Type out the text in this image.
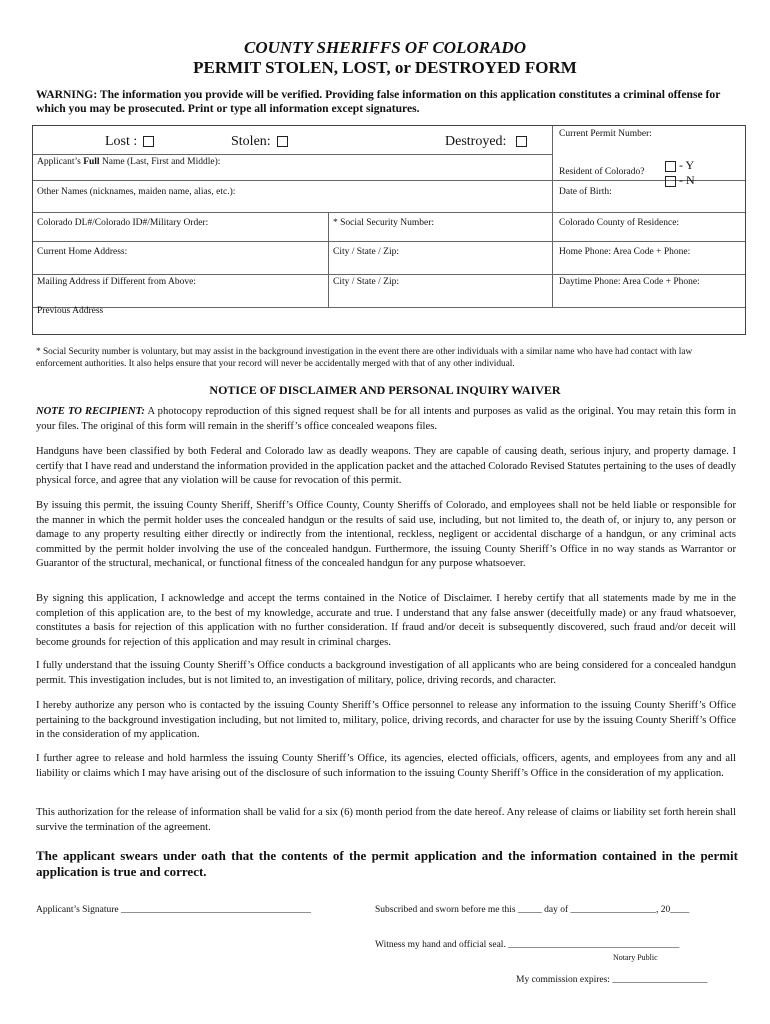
COUNTY SHERIFFS OF COLORADO
PERMIT STOLEN, LOST, or DESTROYED FORM
WARNING: The information you provide will be verified. Providing false information on this application constitutes a criminal offense for which you may be prosecuted. Print or type all information except signatures.
Lost :	Stolen:	Destroyed:	Current Permit Number:
Applicant’s Full Name (Last, First and Middle):
Resident of Colorado?	- Y
- N
Other Names (nicknames, maiden name, alias, etc.):	Date of Birth:
Colorado DL#/Colorado ID#/Military Order:	* Social Security Number:	Colorado County of Residence:
Current Home Address:	City / State / Zip:	Home Phone: Area Code + Phone:
Mailing Address if Different from Above:	City / State / Zip:	Daytime Phone: Area Code + Phone:
Previous Address
* Social Security number is voluntary, but may assist in the background investigation in the event there are other individuals with a similar name who have had contact with law enforcement authorities. It also helps ensure that your record will never be accidentally merged with that of any other individual.
NOTICE OF DISCLAIMER AND PERSONAL INQUIRY WAIVER
NOTE TO RECIPIENT: A photocopy reproduction of this signed request shall be for all intents and purposes as valid as the original. You may retain this form in your files. The original of this form will remain in the sheriff’s office concealed weapons files.
Handguns have been classified by both Federal and Colorado law as deadly weapons. They are capable of causing death, serious injury, and property damage. I certify that I have read and understand the information provided in the application packet and the attached Colorado Revised Statutes pertaining to the uses of deadly physical force, and agree that any violation will be cause for revocation of this permit.
By issuing this permit, the issuing County Sheriff, Sheriff’s Office County, County Sheriffs of Colorado, and employees shall not be held liable or responsible for the manner in which the permit holder uses the concealed handgun or the results of said use, including, but not limited to, the death of, or injury to, any person or damage to any property resulting either directly or indirectly from the intentional, reckless, negligent or accidental discharge of a handgun, or any criminal acts committed by the permit holder involving the use of the concealed handgun. Furthermore, the issuing County Sheriff’s Office in no way stands as Warrantor or Guarantor of the structural, mechanical, or functional fitness of the concealed handgun for any purpose whatsoever.
By signing this application, I acknowledge and accept the terms contained in the Notice of Disclaimer. I hereby certify that all statements made by me in the completion of this application are, to the best of my knowledge, accurate and true. I understand that any false answer (deceitfully made) or any fraud whatsoever, constitutes a basis for rejection of this application with no further consideration. If fraud and/or deceit is subsequently discovered, such fraud and/or deceit will become grounds for rejection of this application and may result in criminal charges.
I fully understand that the issuing County Sheriff’s Office conducts a background investigation of all applicants who are being considered for a concealed handgun permit. This investigation includes, but is not limited to, an investigation of military, police, driving records, and character.
I hereby authorize any person who is contacted by the issuing County Sheriff’s Office personnel to release any information to the issuing County Sheriff’s Office pertaining to the background investigation including, but not limited to, military, police, driving records, and character for use by the issuing County Sheriff’s Office in the consideration of my application.
I further agree to release and hold harmless the issuing County Sheriff’s Office, its agencies, elected officials, officers, agents, and employees from any and all liability or claims which I may have arising out of the disclosure of such information to the issuing County Sheriff’s Office in the consideration of my application.
This authorization for the release of information shall be valid for a six (6) month period from the date hereof. Any release of claims or liability set forth herein shall survive the termination of the agreement.
The applicant swears under oath that the contents of the permit application and the information contained in the permit application is true and correct.
Applicant’s Signature ________________________________________	Subscribed and sworn before me this _____ day of __________________, 20____
Witness my hand and official seal. ____________________________________
Notary Public
My commission expires: ____________________
